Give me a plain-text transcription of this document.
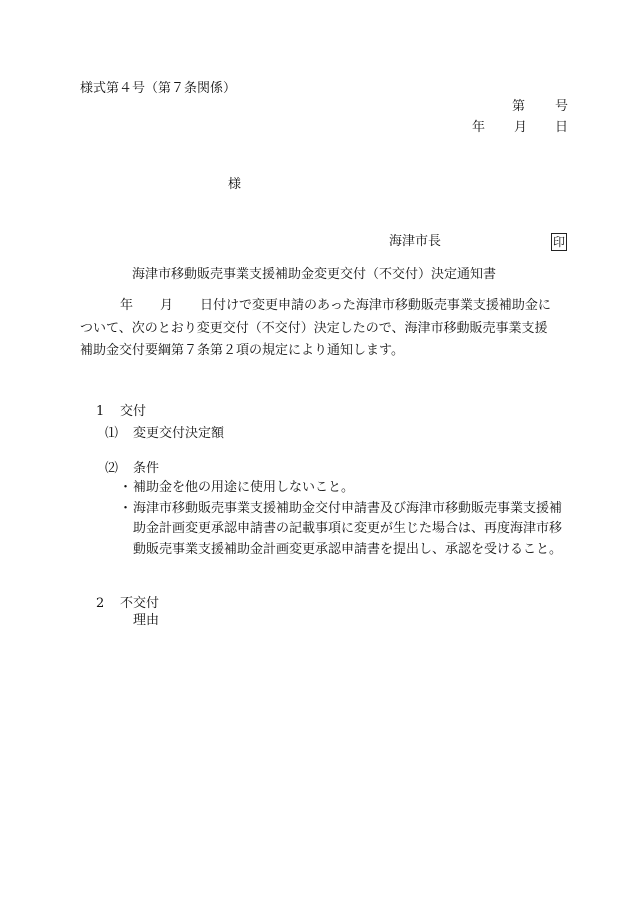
様式第４号（第７条関係）
第 号
年 月 日
様
海津市長	印
海津市移動販売事業支援補助金変更交付（不交付）決定通知書
年 月 日付けで変更申請のあった海津市移動販売事業支援補助金に
ついて、次のとおり変更交付（不交付）決定したので、海津市移動販売事業支援
補助金交付要綱第７条第２項の規定により通知します。
1 交付
⑴ 変更交付決定額
⑵ 条件
・ 補助金を他の用途に使用しないこと。
・ 海津市移動販売事業支援補助金交付申請書及び海津市移動販売事業支援補助金計画変更承認申請書の記載事項に変更が生じた場合は、再度海津市移動販売事業支援補助金計画変更承認申請書を提出し、承認を受けること。
2 不交付
理由
